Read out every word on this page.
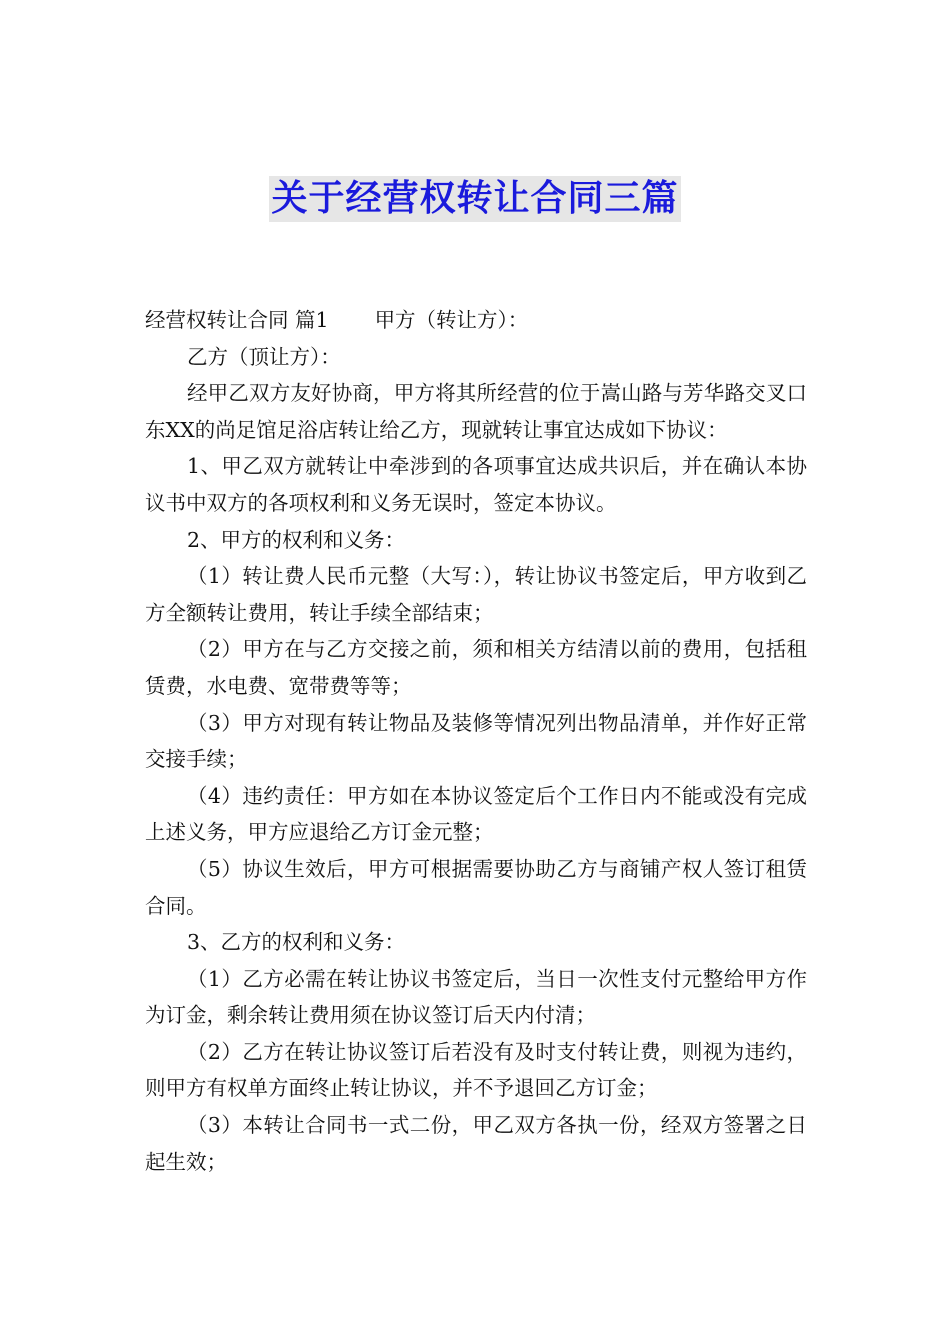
关于经营权转让合同三篇

经营权转让合同 篇1 甲方（转让方）：

乙方（顶让方）：

经甲乙双方友好协商，甲方将其所经营的位于嵩山路与芳华路交叉口东XX的尚足馆足浴店转让给乙方，现就转让事宜达成如下协议：

1、甲乙双方就转让中牵涉到的各项事宜达成共识后，并在确认本协议书中双方的各项权利和义务无误时，签定本协议。

2、甲方的权利和义务：

（1）转让费人民币元整（大写：），转让协议书签定后，甲方收到乙方全额转让费用，转让手续全部结束；

（2）甲方在与乙方交接之前，须和相关方结清以前的费用，包括租赁费，水电费、宽带费等等；

（3）甲方对现有转让物品及装修等情况列出物品清单，并作好正常交接手续；

（4）违约责任：甲方如在本协议签定后个工作日内不能或没有完成上述义务，甲方应退给乙方订金元整；

（5）协议生效后，甲方可根据需要协助乙方与商铺产权人签订租赁合同。

3、乙方的权利和义务：

（1）乙方必需在转让协议书签定后，当日一次性支付元整给甲方作为订金，剩余转让费用须在协议签订后天内付清；

（2）乙方在转让协议签订后若没有及时支付转让费，则视为违约，则甲方有权单方面终止转让协议，并不予退回乙方订金；

（3）本转让合同书一式二份，甲乙双方各执一份，经双方签署之日起生效；
